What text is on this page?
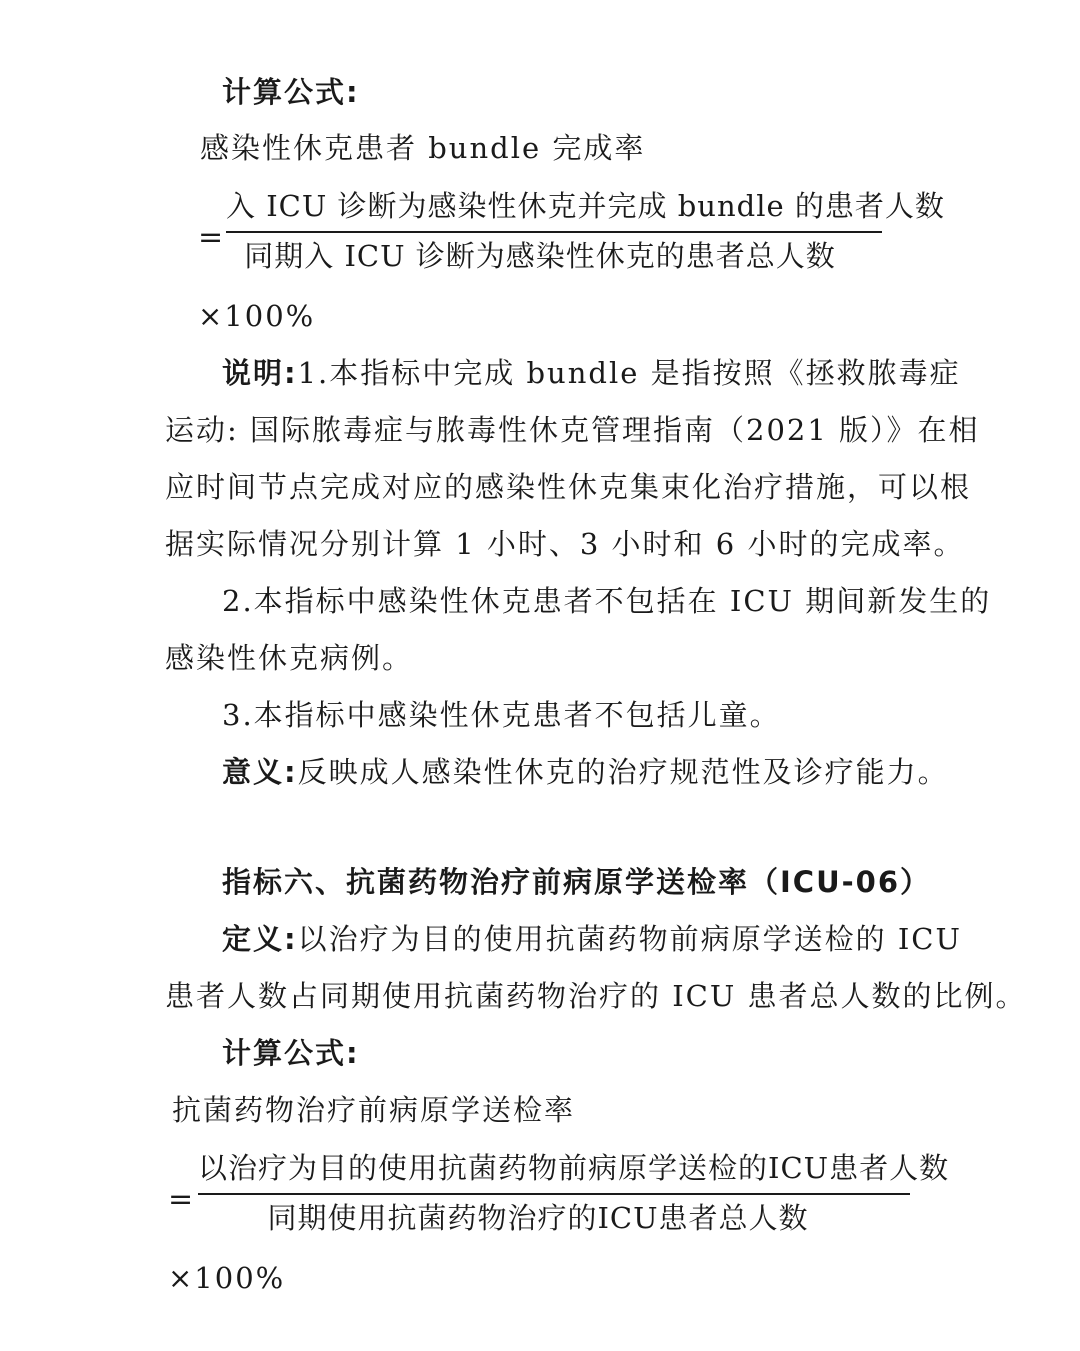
计算公式:
感染性休克患者 bundle 完成率
=
入 ICU 诊断为感染性休克并完成 bundle 的患者人数
同期入 ICU 诊断为感染性休克的患者总人数
×100%
说明:1.本指标中完成 bundle 是指按照《拯救脓毒症
运动: 国际脓毒症与脓毒性休克管理指南（2021 版）》在相
应时间节点完成对应的感染性休克集束化治疗措施，可以根
据实际情况分别计算 1 小时、3 小时和 6 小时的完成率。
2.本指标中感染性休克患者不包括在 ICU 期间新发生的
感染性休克病例。
3.本指标中感染性休克患者不包括儿童。
意义:反映成人感染性休克的治疗规范性及诊疗能力。
指标六、抗菌药物治疗前病原学送检率（ICU-06）
定义:以治疗为目的使用抗菌药物前病原学送检的 ICU
患者人数占同期使用抗菌药物治疗的 ICU 患者总人数的比例。
计算公式:
抗菌药物治疗前病原学送检率
=
以治疗为目的使用抗菌药物前病原学送检的ICU患者人数
同期使用抗菌药物治疗的ICU患者总人数
×100%
